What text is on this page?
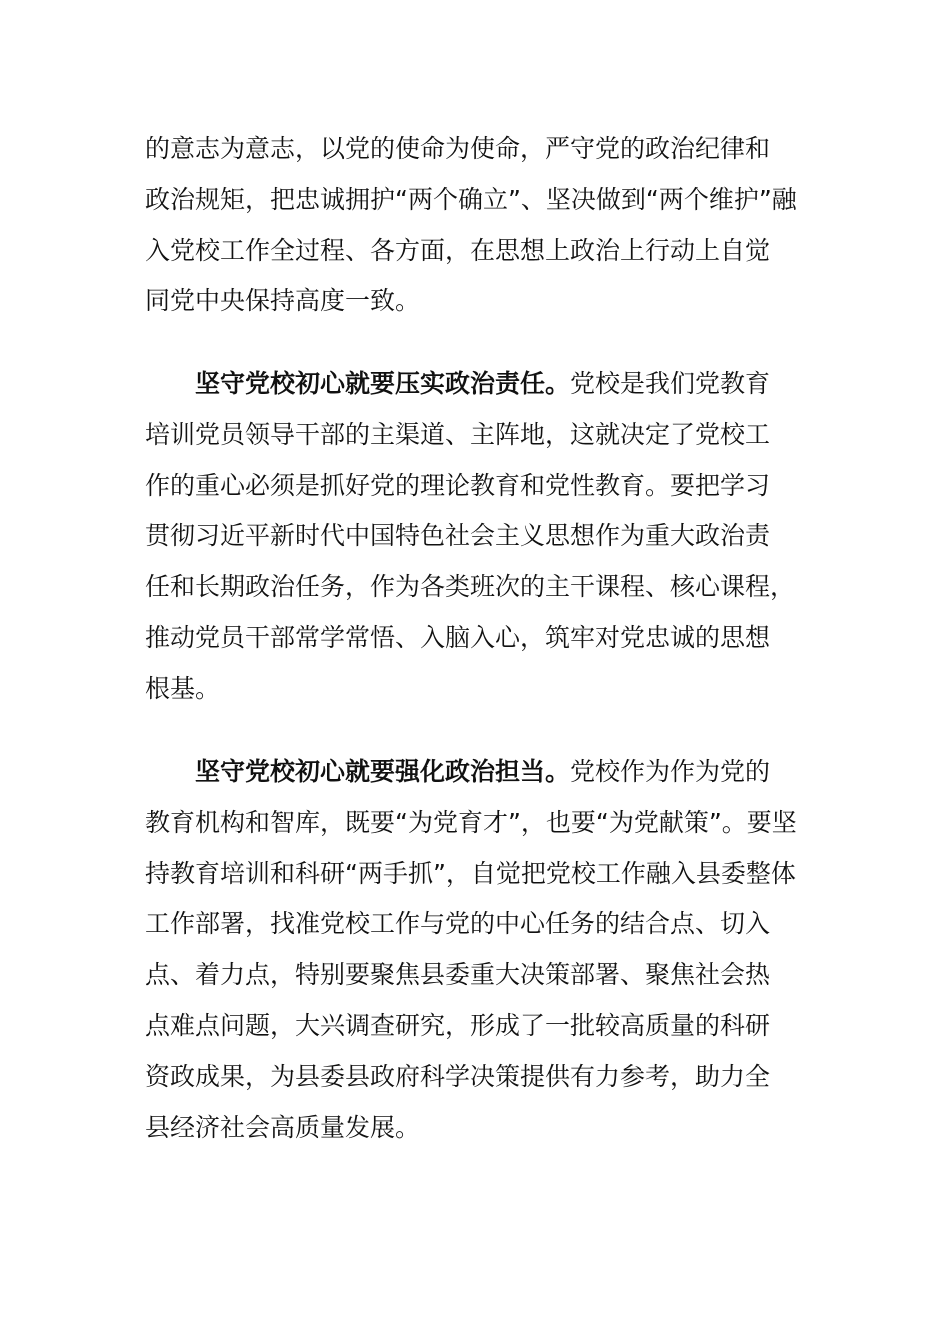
的意志为意志，以党的使命为使命，严守党的政治纪律和
政治规矩，把忠诚拥护“两个确立”、坚决做到“两个维护”融
入党校工作全过程、各方面，在思想上政治上行动上自觉
同党中央保持高度一致。
坚守党校初心就要压实政治责任。党校是我们党教育
培训党员领导干部的主渠道、主阵地，这就决定了党校工
作的重心必须是抓好党的理论教育和党性教育。要把学习
贯彻习近平新时代中国特色社会主义思想作为重大政治责
任和长期政治任务，作为各类班次的主干课程、核心课程，
推动党员干部常学常悟、入脑入心，筑牢对党忠诚的思想
根基。
坚守党校初心就要强化政治担当。党校作为作为党的
教育机构和智库，既要“为党育才”，也要“为党献策”。要坚
持教育培训和科研“两手抓”，自觉把党校工作融入县委整体
工作部署，找准党校工作与党的中心任务的结合点、切入
点、着力点，特别要聚焦县委重大决策部署、聚焦社会热
点难点问题，大兴调查研究，形成了一批较高质量的科研
资政成果，为县委县政府科学决策提供有力参考，助力全
县经济社会高质量发展。
